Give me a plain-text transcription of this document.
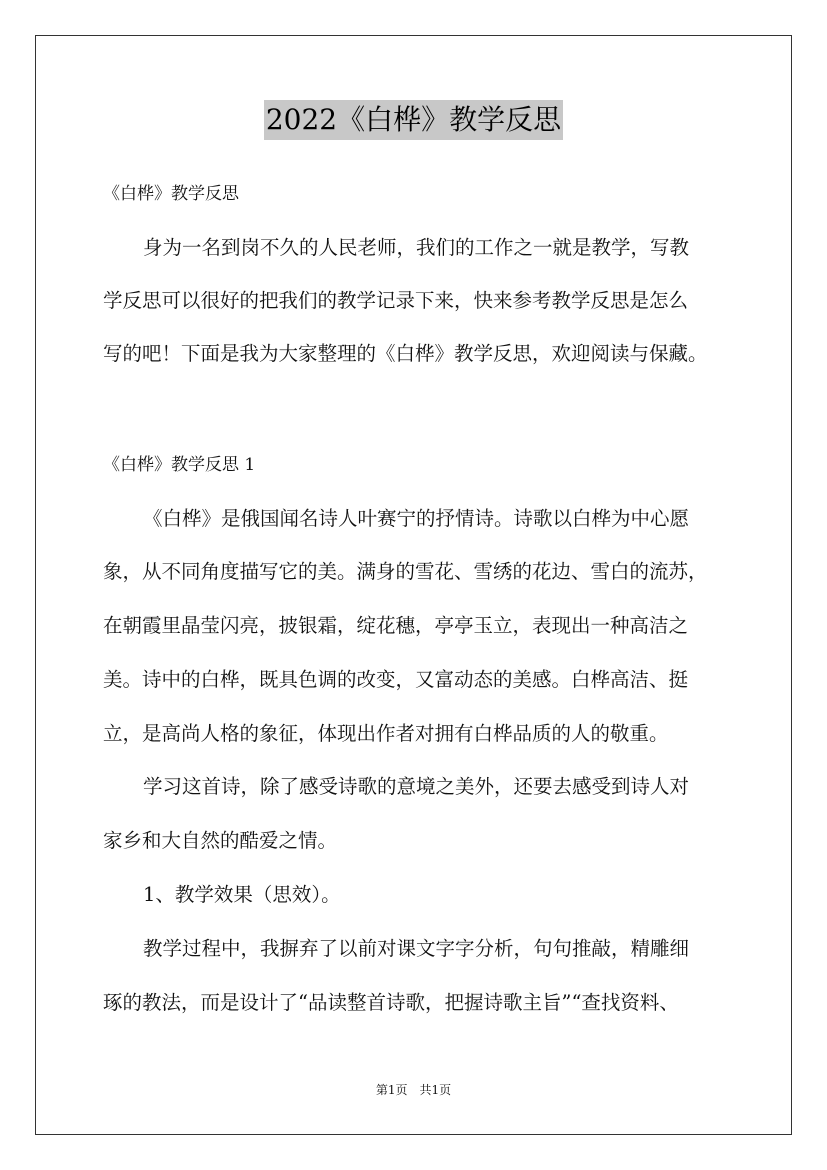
2022《白桦》教学反思
《白桦》教学反思
身为一名到岗不久的人民老师，我们的工作之一就是教学，写教
学反思可以很好的把我们的教学记录下来，快来参考教学反思是怎么
写的吧！下面是我为大家整理的《白桦》教学反思，欢迎阅读与保藏。
《白桦》教学反思 1
《白桦》是俄国闻名诗人叶赛宁的抒情诗。诗歌以白桦为中心愿
象，从不同角度描写它的美。满身的雪花、雪绣的花边、雪白的流苏，
在朝霞里晶莹闪亮，披银霜，绽花穗，亭亭玉立，表现出一种高洁之
美。诗中的白桦，既具色调的改变，又富动态的美感。白桦高洁、挺
立，是高尚人格的象征，体现出作者对拥有白桦品质的人的敬重。
学习这首诗，除了感受诗歌的意境之美外，还要去感受到诗人对
家乡和大自然的酷爱之情。
1、教学效果（思效）。
教学过程中，我摒弃了以前对课文字字分析，句句推敲，精雕细
琢的教法，而是设计了“品读整首诗歌，把握诗歌主旨”“查找资料、
第1页　共1页
